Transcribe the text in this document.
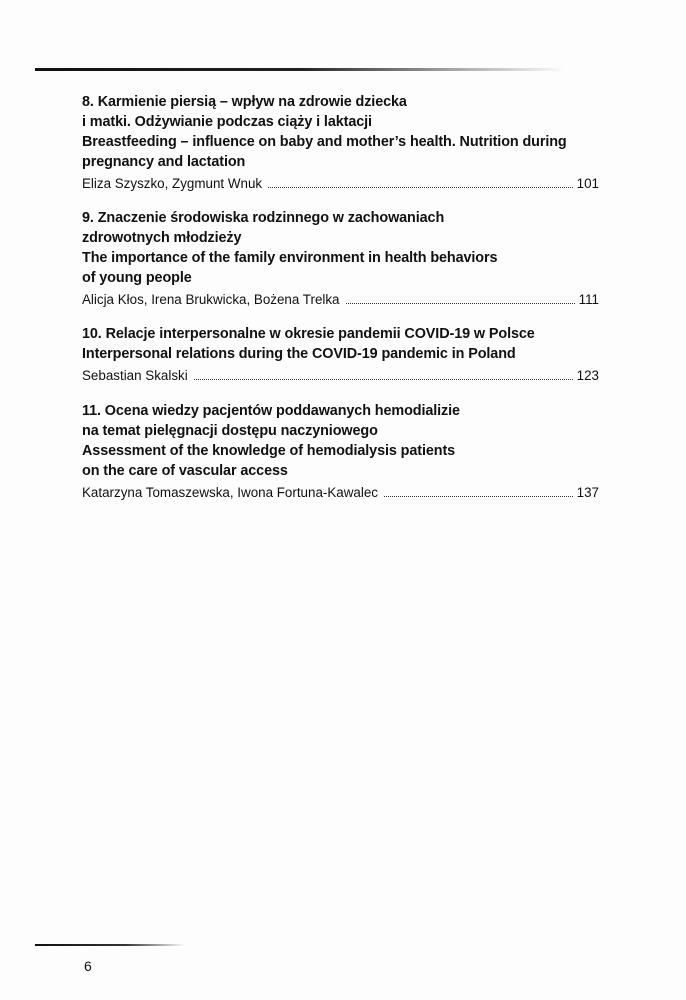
8. Karmienie piersią – wpływ na zdrowie dziecka
i matki. Odżywianie podczas ciąży i laktacji
Breastfeeding – influence on baby and mother’s health. Nutrition during
pregnancy and lactation
Eliza Szyszko, Zygmunt Wnuk	101
9. Znaczenie środowiska rodzinnego w zachowaniach
zdrowotnych młodzieży
The importance of the family environment in health behaviors
of young people
Alicja Kłos, Irena Brukwicka, Bożena Trelka	111
10. Relacje interpersonalne w okresie pandemii COVID-19 w Polsce
Interpersonal relations during the COVID-19 pandemic in Poland
Sebastian Skalski	123
11. Ocena wiedzy pacjentów poddawanych hemodializie
na temat pielęgnacji dostępu naczyniowego
Assessment of the knowledge of hemodialysis patients
on the care of vascular access
Katarzyna Tomaszewska, Iwona Fortuna-Kawalec	137
6
